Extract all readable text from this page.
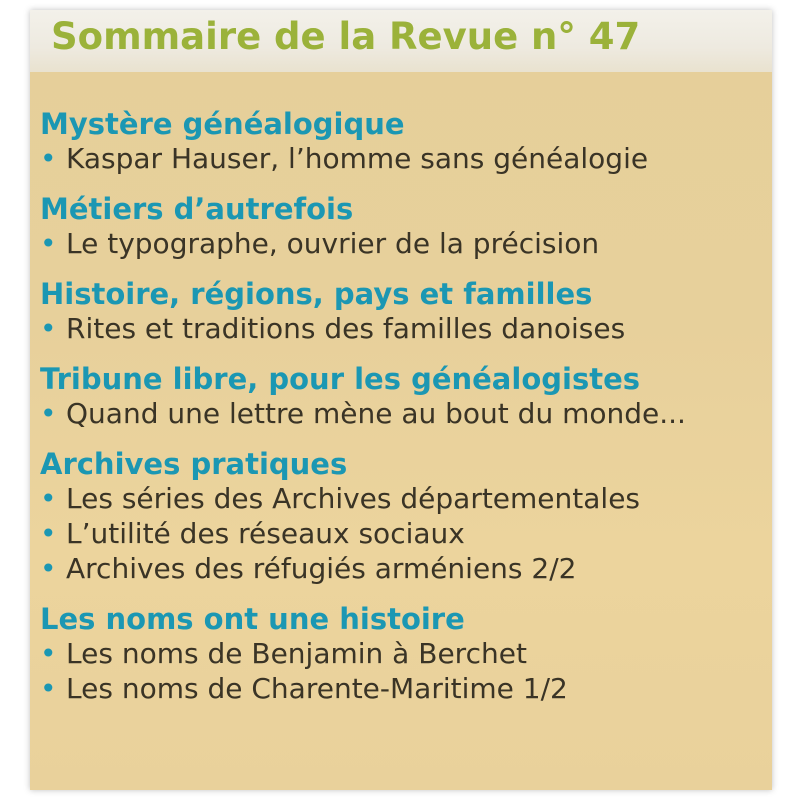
Sommaire de la Revue n° 47
Mystère généalogique
• Kaspar Hauser, l’homme sans généalogie
Métiers d’autrefois
• Le typographe, ouvrier de la précision
Histoire, régions, pays et familles
• Rites et traditions des familles danoises
Tribune libre, pour les généalogistes
• Quand une lettre mène au bout du monde...
Archives pratiques
• Les séries des Archives départementales
• L’utilité des réseaux sociaux
• Archives des réfugiés arméniens 2/2
Les noms ont une histoire
• Les noms de Benjamin à Berchet
• Les noms de Charente-Maritime 1/2
